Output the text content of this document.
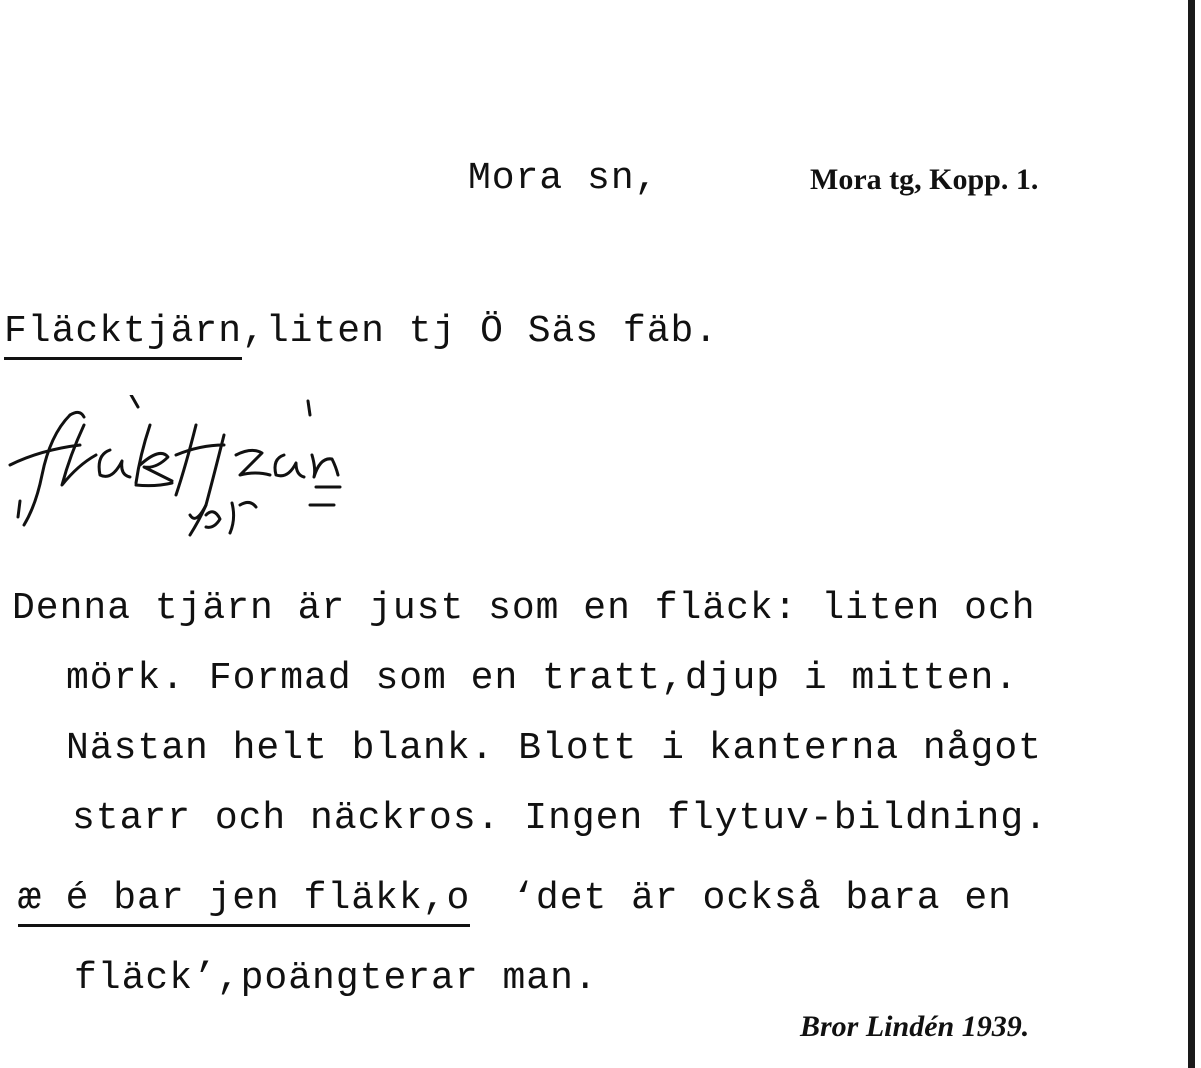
Mora sn,	Mora tg, Kopp. 1.
Fläcktjärn,liten tj Ö Säs fäb.
Denna tjärn är just som en fläck: liten och
mörk. Formad som en tratt,djup i mitten.
Nästan helt blank. Blott i kanterna något
starr och näckros. Ingen flytuv-bildning.
æ é bar jen fläkk,o ‘det är också bara en
fläck’,poängterar man.
Bror Lindén 1939.
